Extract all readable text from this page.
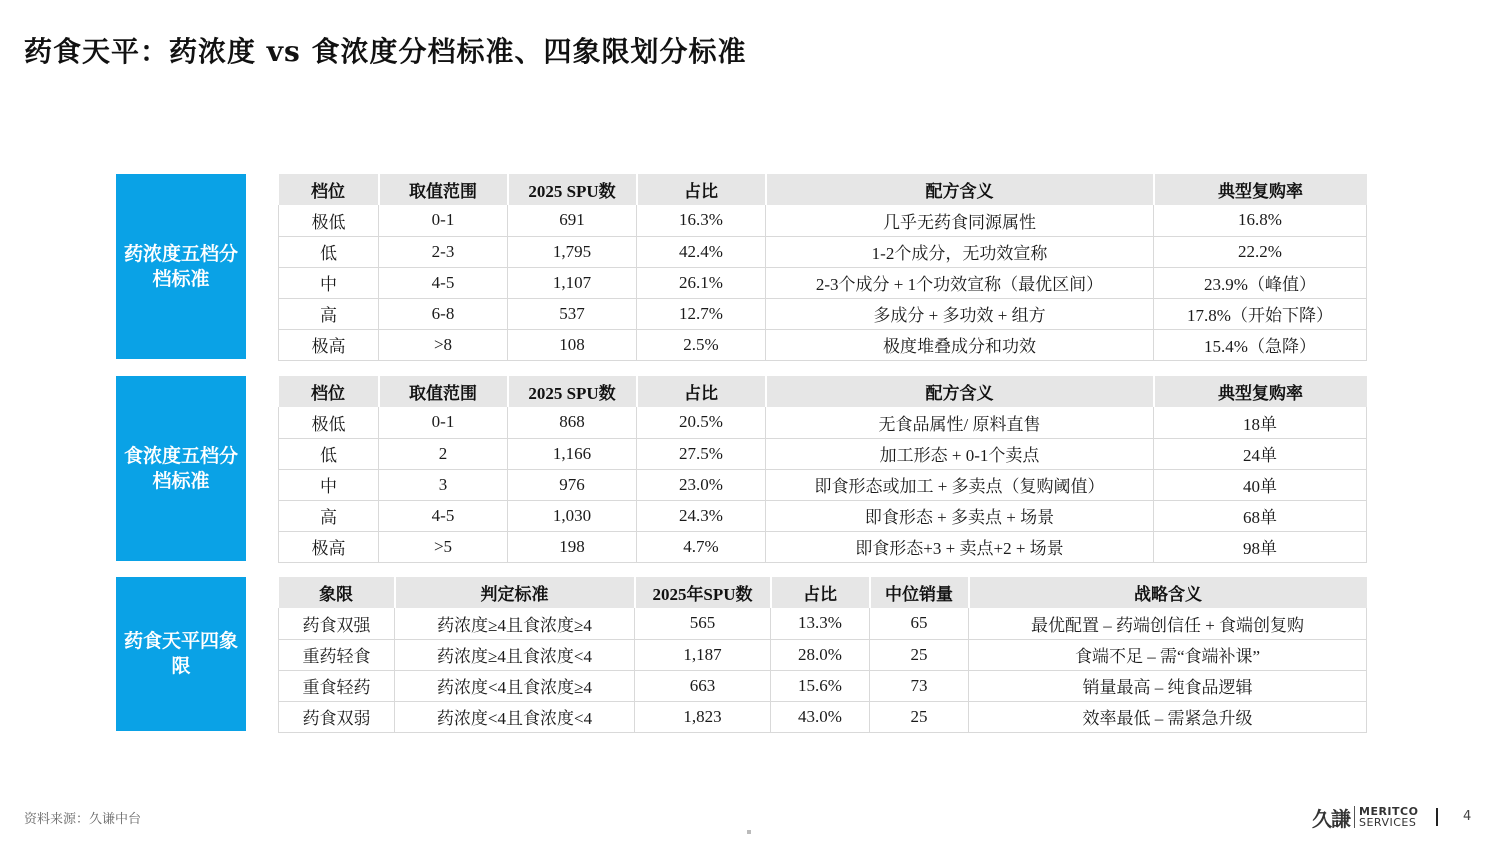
药食天平：药浓度 vs 食浓度分档标准、四象限划分标准
药浓度五档分档标准
档位	取值范围	2025 SPU数	占比	配方含义	典型复购率
极低	0-1	691	16.3%	几乎无药食同源属性	16.8%
低	2-3	1,795	42.4%	1-2个成分，无功效宣称	22.2%
中	4-5	1,107	26.1%	2-3个成分 + 1个功效宣称（最优区间）	23.9%（峰值）
高	6-8	537	12.7%	多成分 + 多功效 + 组方	17.8%（开始下降）
极高	>8	108	2.5%	极度堆叠成分和功效	15.4%（急降）
食浓度五档分档标准
档位	取值范围	2025 SPU数	占比	配方含义	典型复购率
极低	0-1	868	20.5%	无食品属性/ 原料直售	18单
低	2	1,166	27.5%	加工形态 + 0-1个卖点	24单
中	3	976	23.0%	即食形态或加工 + 多卖点（复购阈值）	40单
高	4-5	1,030	24.3%	即食形态 + 多卖点 + 场景	68单
极高	>5	198	4.7%	即食形态+3 + 卖点+2 + 场景	98单
药食天平四象限
象限	判定标准	2025年SPU数	占比	中位销量	战略含义
药食双强	药浓度≥4且食浓度≥4	565	13.3%	65	最优配置 – 药端创信任 + 食端创复购
重药轻食	药浓度≥4且食浓度<4	1,187	28.0%	25	食端不足 – 需“食端补课”
重食轻药	药浓度<4且食浓度≥4	663	15.6%	73	销量最高 – 纯食品逻辑
药食双弱	药浓度<4且食浓度<4	1,823	43.0%	25	效率最低 – 需紧急升级
资料来源：久谦中台	久謙 MERITCO
SERVICES	4
